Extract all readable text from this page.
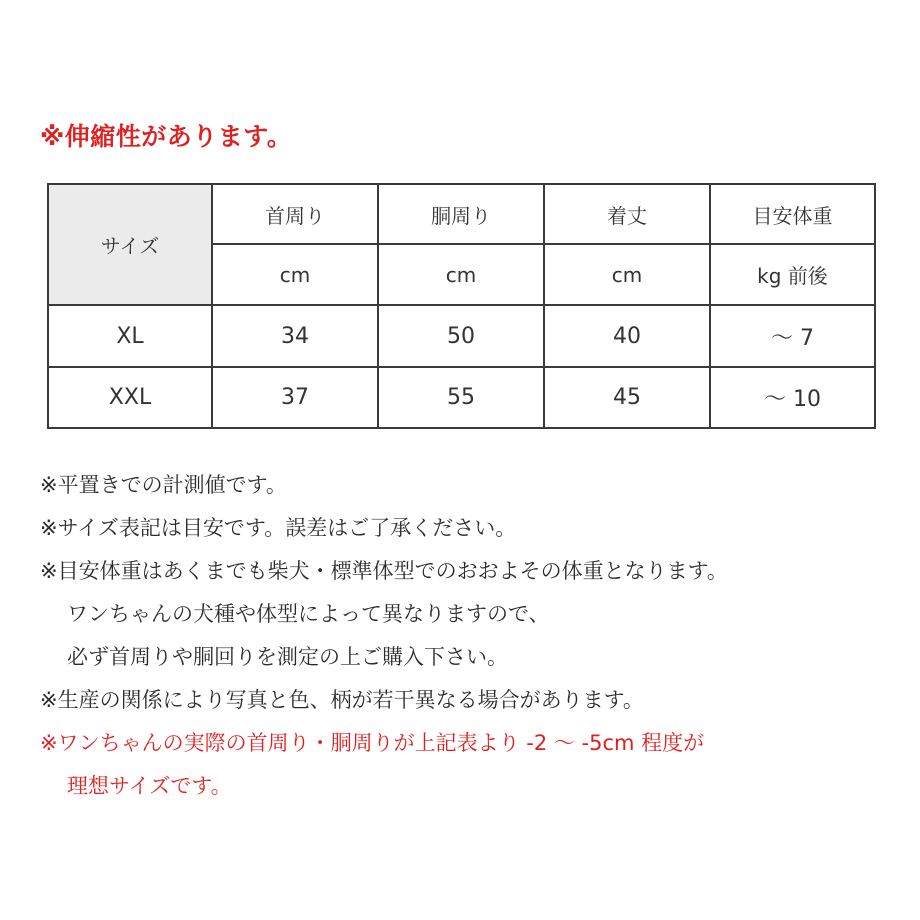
※伸縮性があります。
サイズ	首周り	胴周り	着丈	目安体重
	cm	cm	cm	kg 前後
XL	34	50	40	～ 7
XXL	37	55	45	～ 10
※平置きでの計測値です。
※サイズ表記は目安です。誤差はご了承ください。
※目安体重はあくまでも柴犬・標準体型でのおおよその体重となります。
ワンちゃんの犬種や体型によって異なりますので、
必ず首周りや胴回りを測定の上ご購入下さい。
※生産の関係により写真と色、柄が若干異なる場合があります。
※ワンちゃんの実際の首周り・胴周りが上記表より -2 ～ -5cm 程度が
理想サイズです。
